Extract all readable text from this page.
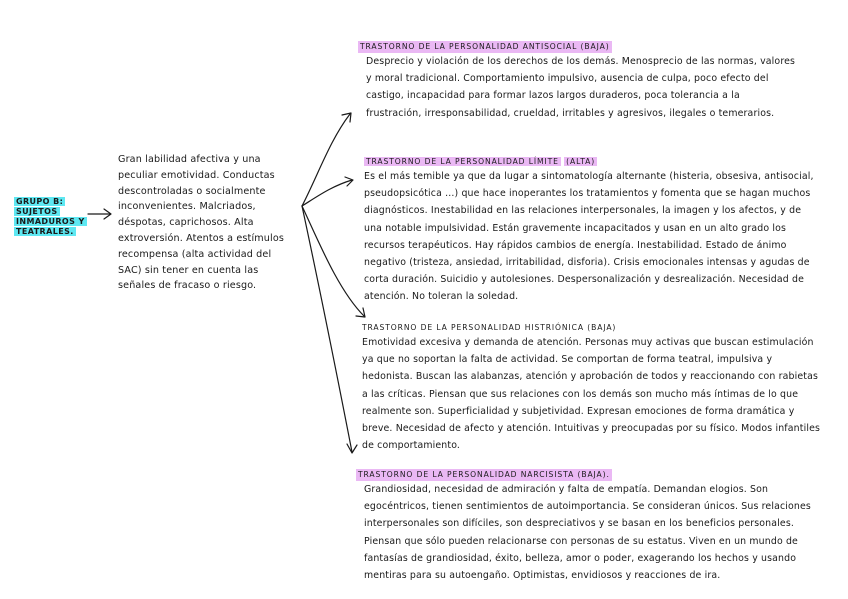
GRUPO B: SUJETOS INMADUROS Y TEATRALES.
Gran labilidad afectiva y una peculiar emotividad. Conductas descontroladas o socialmente inconvenientes. Malcriados, déspotas, caprichosos. Alta extroversión. Atentos a estímulos recompensa (alta actividad del SAC) sin tener en cuenta las señales de fracaso o riesgo.
TRASTORNO DE LA PERSONALIDAD ANTISOCIAL (BAJA)
Desprecio y violación de los derechos de los demás. Menosprecio de las normas, valores y moral tradicional. Comportamiento impulsivo, ausencia de culpa, poco efecto del castigo, incapacidad para formar lazos largos duraderos, poca tolerancia a la frustración, irresponsabilidad, crueldad, irritables y agresivos, ilegales o temerarios.
TRASTORNO DE LA PERSONALIDAD LÍMITE (ALTA)
Es el más temible ya que da lugar a sintomatología alternante (histeria, obsesiva, antisocial, pseudopsicótica ...) que hace inoperantes los tratamientos y fomenta que se hagan muchos diagnósticos. Inestabilidad en las relaciones interpersonales, la imagen y los afectos, y de una notable impulsividad. Están gravemente incapacitados y usan en un alto grado los recursos terapéuticos. Hay rápidos cambios de energía. Inestabilidad. Estado de ánimo negativo (tristeza, ansiedad, irritabilidad, disforia). Crisis emocionales intensas y agudas de corta duración. Suicidio y autolesiones. Despersonalización y desrealización. Necesidad de atención. No toleran la soledad.
TRASTORNO DE LA PERSONALIDAD HISTRIÓNICA (BAJA)
Emotividad excesiva y demanda de atención. Personas muy activas que buscan estimulación ya que no soportan la falta de actividad. Se comportan de forma teatral, impulsiva y hedonista. Buscan las alabanzas, atención y aprobación de todos y reaccionando con rabietas a las críticas. Piensan que sus relaciones con los demás son mucho más íntimas de lo que realmente son. Superficialidad y subjetividad. Expresan emociones de forma dramática y breve. Necesidad de afecto y atención. Intuitivas y preocupadas por su físico. Modos infantiles de comportamiento.
TRASTORNO DE LA PERSONALIDAD NARCISISTA (BAJA).
Grandiosidad, necesidad de admiración y falta de empatía. Demandan elogios. Son egocéntricos, tienen sentimientos de autoimportancia. Se consideran únicos. Sus relaciones interpersonales son difíciles, son despreciativos y se basan en los beneficios personales. Piensan que sólo pueden relacionarse con personas de su estatus. Viven en un mundo de fantasías de grandiosidad, éxito, belleza, amor o poder, exagerando los hechos y usando mentiras para su autoengaño. Optimistas, envidiosos y reacciones de ira.
